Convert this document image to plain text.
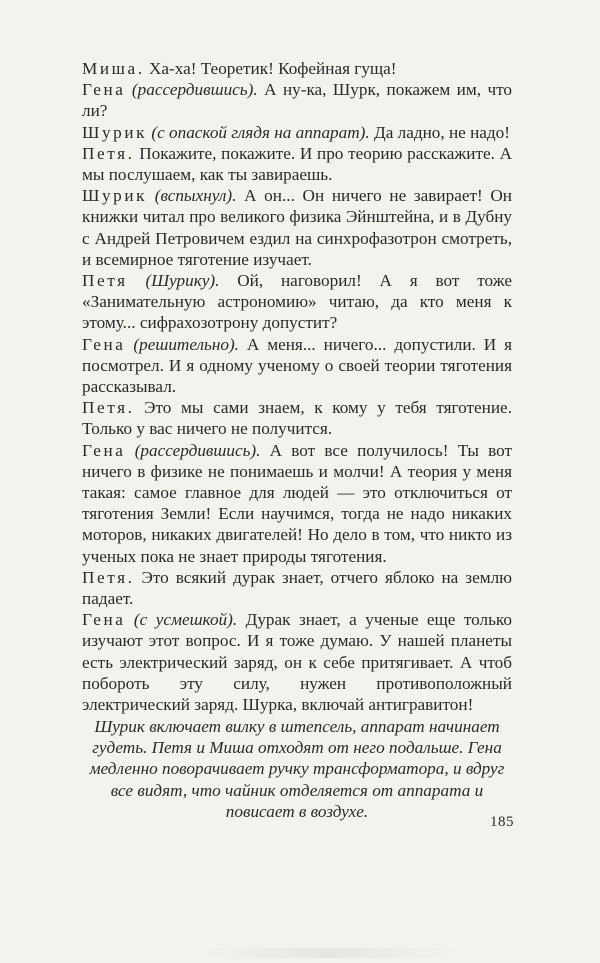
Миша. Ха-ха! Теоретик! Кофейная гуща!

Гена (рассердившись). А ну-ка, Шурк, покажем им, что ли?

Шурик (с опаской глядя на аппарат). Да ладно, не надо!

Петя. Покажите, покажите. И про теорию расскажите. А мы послушаем, как ты завираешь.

Шурик (вспыхнул). А он... Он ничего не завирает! Он книжки читал про великого физика Эйнштейна, и в Дубну с Андрей Петровичем ездил на синхрофазотрон смотреть, и всемирное тяготение изучает.

Петя (Шурику). Ой, наговорил! А я вот тоже «Занимательную астрономию» читаю, да кто меня к этому... сифрахозотрону допустит?

Гена (решительно). А меня... ничего... допустили. И я посмотрел. И я одному ученому о своей теории тяготения рассказывал.

Петя. Это мы сами знаем, к кому у тебя тяготение. Только у вас ничего не получится.

Гена (рассердившись). А вот все получилось! Ты вот ничего в физике не понимаешь и молчи! А теория у меня такая: самое главное для людей — это отключиться от тяготения Земли! Если научимся, тогда не надо никаких моторов, никаких двигателей! Но дело в том, что никто из ученых пока не знает природы тяготения.

Петя. Это всякий дурак знает, отчего яблоко на землю падает.

Гена (с усмешкой). Дурак знает, а ученые еще только изучают этот вопрос. И я тоже думаю. У нашей планеты есть электрический заряд, он к себе притягивает. А чтоб побороть эту силу, нужен противоположный электрический заряд. Шурка, включай антигравитон!

Шурик включает вилку в штепсель, аппарат начинает гудеть. Петя и Миша отходят от него подальше. Гена медленно поворачивает ручку трансформатора, и вдруг все видят, что чайник отделяется от аппарата и повисает в воздухе.
185
